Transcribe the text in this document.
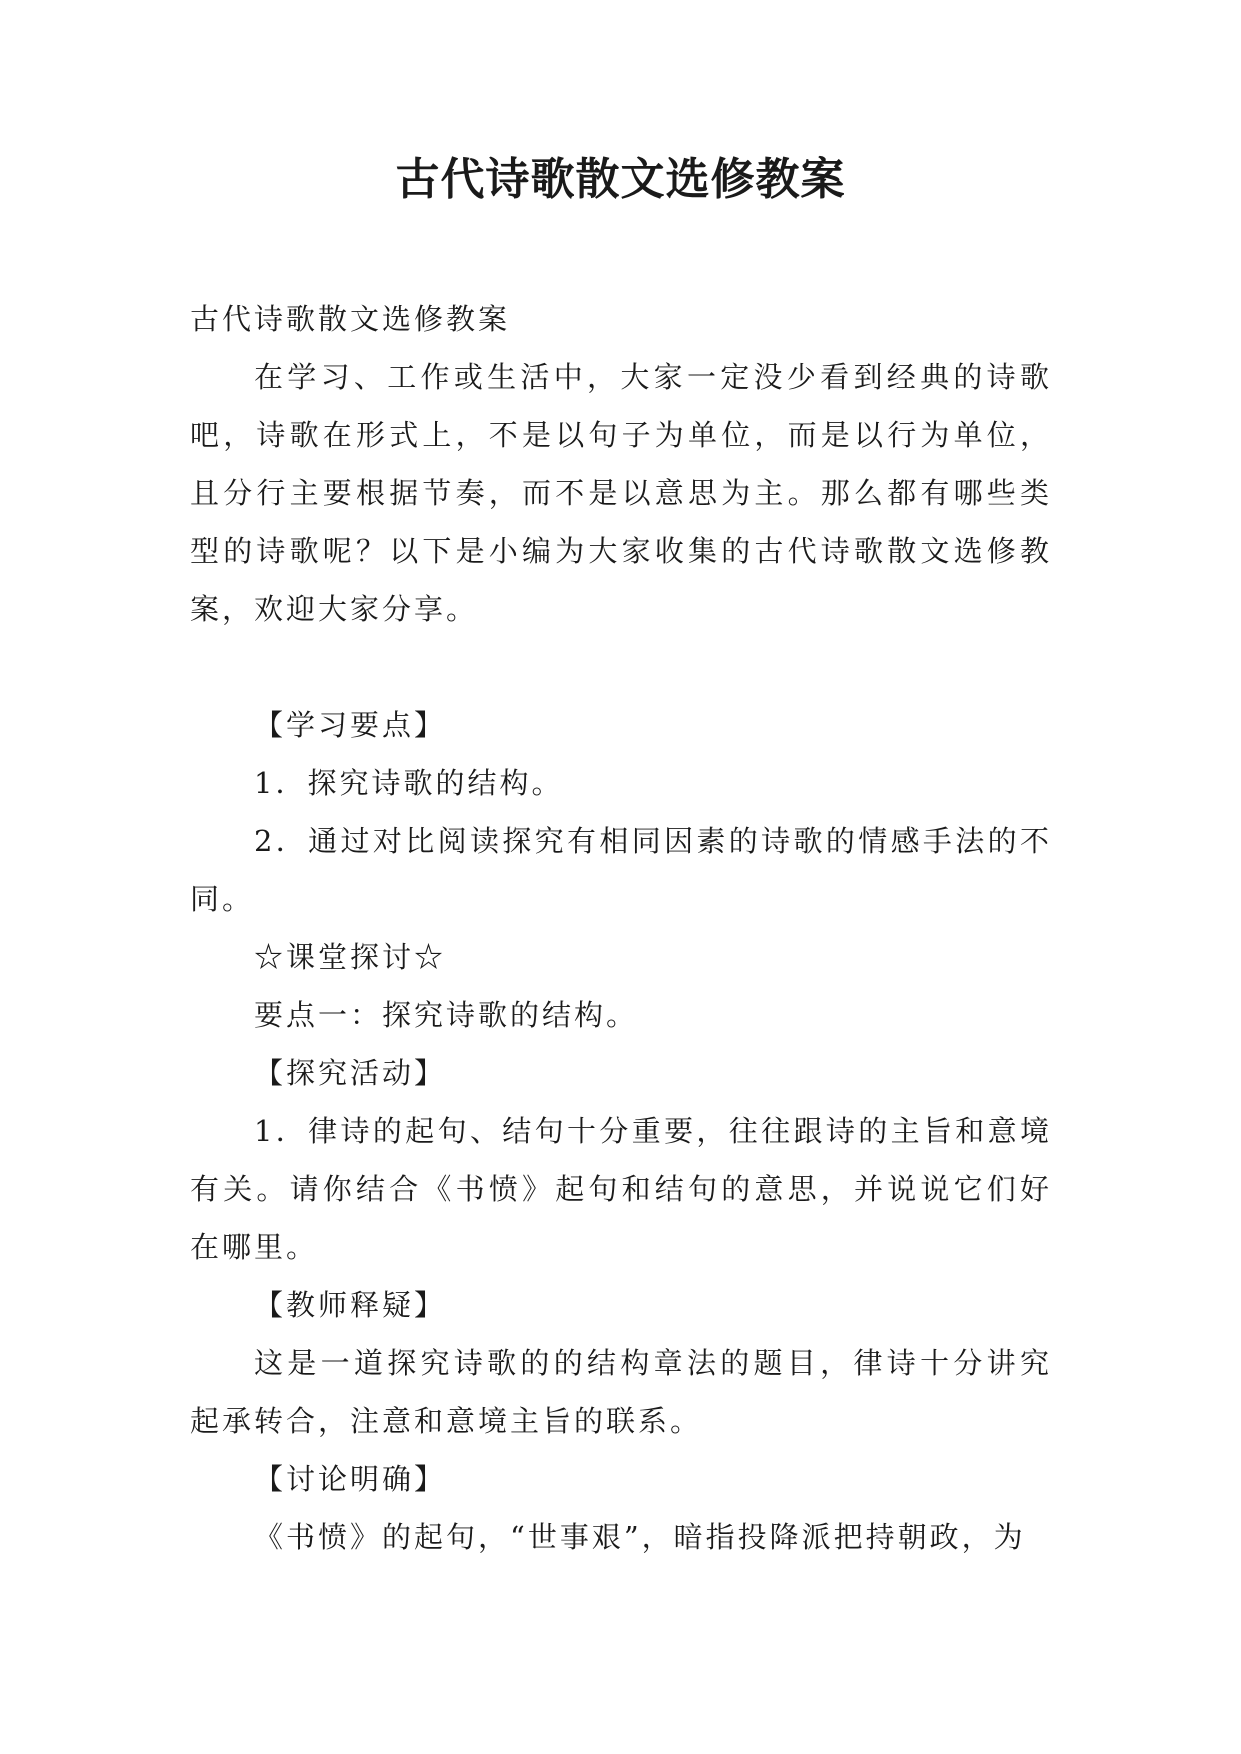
古代诗歌散文选修教案

古代诗歌散文选修教案

在学习、工作或生活中，大家一定没少看到经典的诗歌吧，诗歌在形式上，不是以句子为单位，而是以行为单位，且分行主要根据节奏，而不是以意思为主。那么都有哪些类型的诗歌呢？以下是小编为大家收集的古代诗歌散文选修教案，欢迎大家分享。

【学习要点】

1．探究诗歌的结构。

2．通过对比阅读探究有相同因素的诗歌的情感手法的不同。

☆课堂探讨☆

要点一：探究诗歌的结构。

【探究活动】

1．律诗的起句、结句十分重要，往往跟诗的主旨和意境有关。请你结合《书愤》起句和结句的意思，并说说它们好在哪里。

【教师释疑】

这是一道探究诗歌的的结构章法的题目，律诗十分讲究起承转合，注意和意境主旨的联系。

【讨论明确】

《书愤》的起句，“世事艰”，暗指投降派把持朝政，为
